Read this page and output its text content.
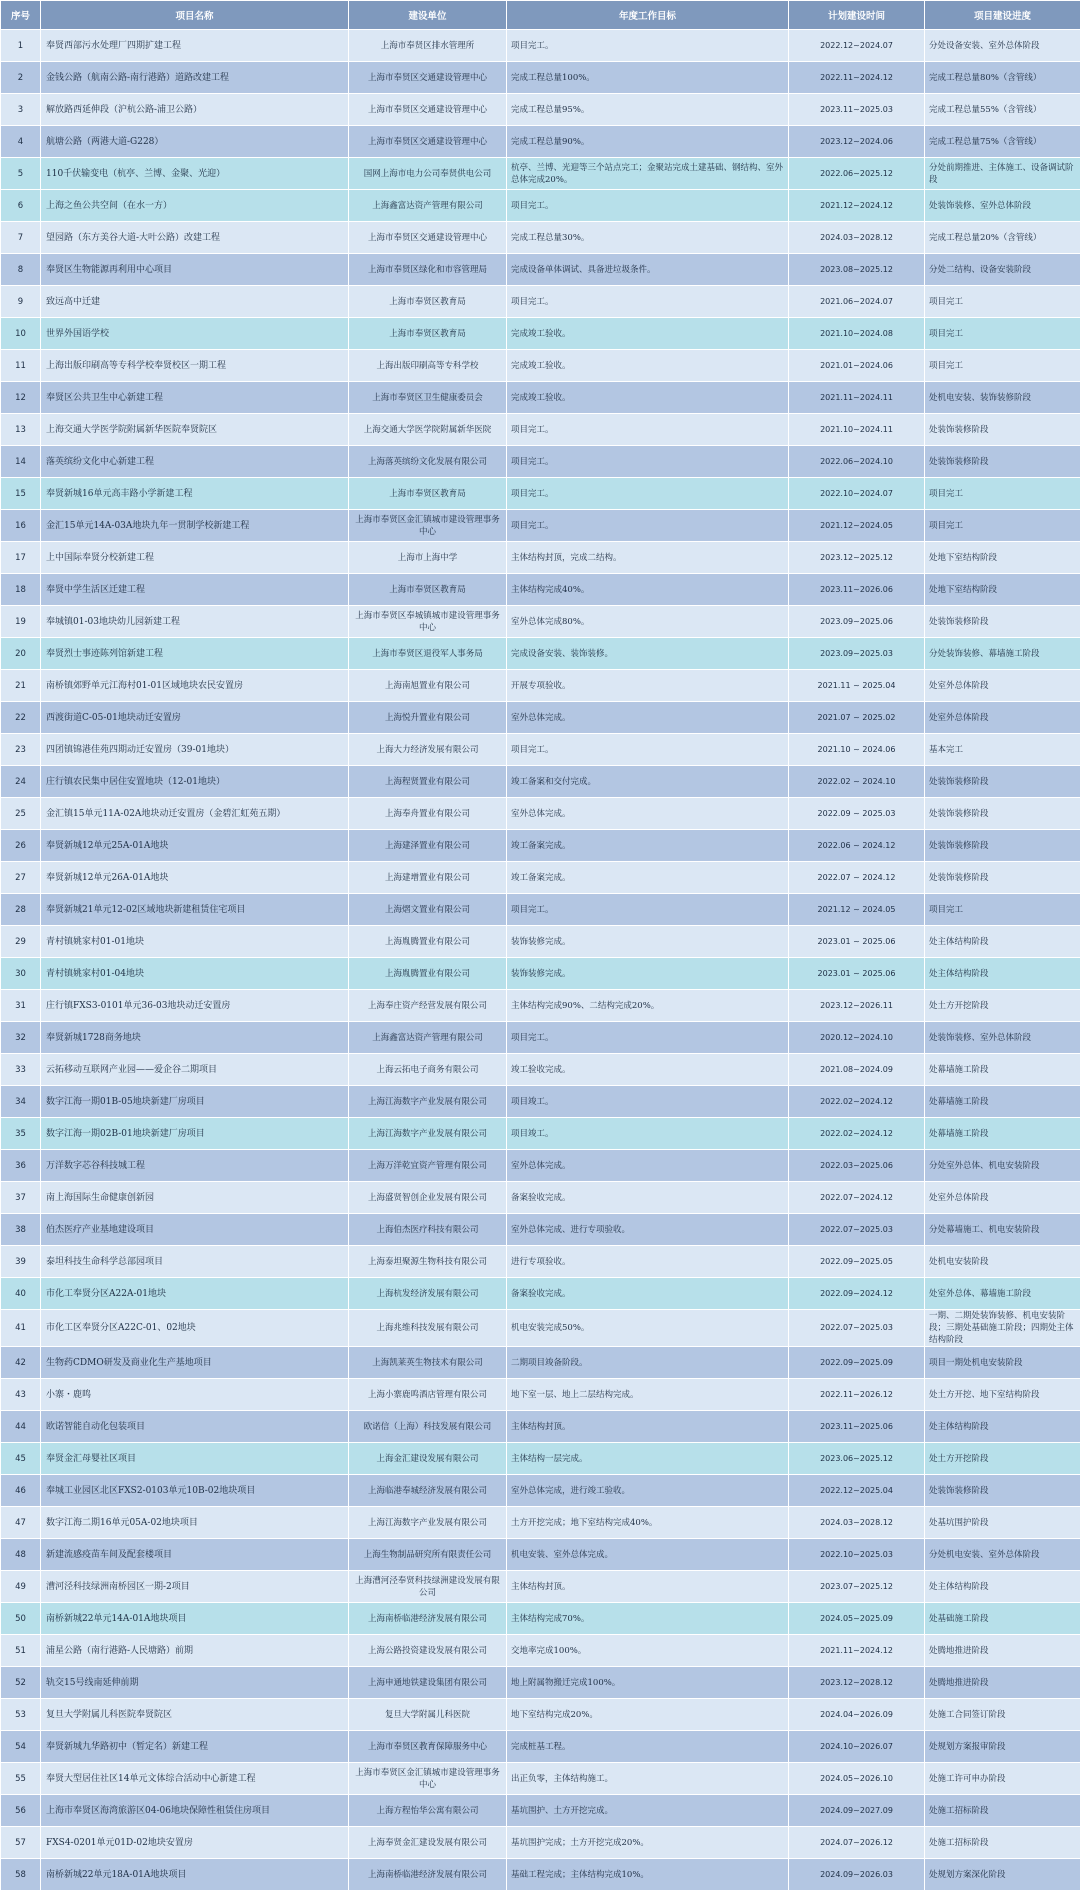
序号	项目名称	建设单位	年度工作目标	计划建设时间	项目建设进度
1	奉贤西部污水处理厂四期扩建工程	上海市奉贤区排水管理所	项目完工。	2022.12~2024.07	分处设备安装、室外总体阶段
2	金钱公路（航南公路-南行港路）道路改建工程	上海市奉贤区交通建设管理中心	完成工程总量100%。	2022.11~2024.12	完成工程总量80%（含管线）
3	解放路西延伸段（沪杭公路-浦卫公路）	上海市奉贤区交通建设管理中心	完成工程总量95%。	2023.11~2025.03	完成工程总量55%（含管线）
4	航塘公路（两港大道-G228）	上海市奉贤区交通建设管理中心	完成工程总量90%。	2023.12~2024.06	完成工程总量75%（含管线）
5	110千伏输变电（杭亭、兰博、金聚、光迎）	国网上海市电力公司奉贤供电公司	杭亭、兰博、光迎等三个站点完工；金聚站完成土建基础、钢结构、室外总体完成20%。	2022.06~2025.12	分处前期推进、主体施工、设备调试阶段
6	上海之鱼公共空间（在水一方）	上海鑫富达资产管理有限公司	项目完工。	2021.12~2024.12	处装饰装修、室外总体阶段
7	望园路（东方美谷大道-大叶公路）改建工程	上海市奉贤区交通建设管理中心	完成工程总量30%。	2024.03~2028.12	完成工程总量20%（含管线）
8	奉贤区生物能源再利用中心项目	上海市奉贤区绿化和市容管理局	完成设备单体调试、具备进垃圾条件。	2023.08~2025.12	分处二结构、设备安装阶段
9	致远高中迁建	上海市奉贤区教育局	项目完工。	2021.06~2024.07	项目完工
10	世界外国语学校	上海市奉贤区教育局	完成竣工验收。	2021.10~2024.08	项目完工
11	上海出版印刷高等专科学校奉贤校区一期工程	上海出版印刷高等专科学校	完成竣工验收。	2021.01~2024.06	项目完工
12	奉贤区公共卫生中心新建工程	上海市奉贤区卫生健康委员会	完成竣工验收。	2021.11~2024.11	处机电安装、装饰装修阶段
13	上海交通大学医学院附属新华医院奉贤院区	上海交通大学医学院附属新华医院	项目完工。	2021.10~2024.11	处装饰装修阶段
14	落英缤纷文化中心新建工程	上海落英缤纷文化发展有限公司	项目完工。	2022.06~2024.10	处装饰装修阶段
15	奉贤新城16单元高丰路小学新建工程	上海市奉贤区教育局	项目完工。	2022.10~2024.07	项目完工
16	金汇15单元14A-03A地块九年一贯制学校新建工程	上海市奉贤区金汇镇城市建设管理事务中心	项目完工。	2021.12~2024.05	项目完工
17	上中国际奉贤分校新建工程	上海市上海中学	主体结构封顶，完成二结构。	2023.12~2025.12	处地下室结构阶段
18	奉贤中学生活区迁建工程	上海市奉贤区教育局	主体结构完成40%。	2023.11~2026.06	处地下室结构阶段
19	奉城镇01-03地块幼儿园新建工程	上海市奉贤区奉城镇城市建设管理事务中心	室外总体完成80%。	2023.09~2025.06	处装饰装修阶段
20	奉贤烈士事迹陈列馆新建工程	上海市奉贤区退役军人事务局	完成设备安装、装饰装修。	2023.09~2025.03	分处装饰装修、幕墙施工阶段
21	南桥镇郊野单元江海村01-01区域地块农民安置房	上海南旭置业有限公司	开展专项验收。	2021.11 ~ 2025.04	处室外总体阶段
22	西渡街道C-05-01地块动迁安置房	上海悦升置业有限公司	室外总体完成。	2021.07 ~ 2025.02	处室外总体阶段
23	四团镇锦港佳苑四期动迁安置房（39-01地块）	上海大力经济发展有限公司	项目完工。	2021.10 ~ 2024.06	基本完工
24	庄行镇农民集中居住安置地块（12-01地块）	上海程贤置业有限公司	竣工备案和交付完成。	2022.02 ~ 2024.10	处装饰装修阶段
25	金汇镇15单元11A-02A地块动迁安置房（金碧汇虹苑五期）	上海奉舟置业有限公司	室外总体完成。	2022.09 ~ 2025.03	处装饰装修阶段
26	奉贤新城12单元25A-01A地块	上海建泽置业有限公司	竣工备案完成。	2022.06 ~ 2024.12	处装饰装修阶段
27	奉贤新城12单元26A-01A地块	上海建增置业有限公司	竣工备案完成。	2022.07 ~ 2024.12	处装饰装修阶段
28	奉贤新城21单元12-02区域地块新建租赁住宅项目	上海熠文置业有限公司	项目完工。	2021.12 ~ 2024.05	项目完工
29	青村镇姚家村01-01地块	上海胤腾置业有限公司	装饰装修完成。	2023.01 ~ 2025.06	处主体结构阶段
30	青村镇姚家村01-04地块	上海胤腾置业有限公司	装饰装修完成。	2023.01 ~ 2025.06	处主体结构阶段
31	庄行镇FXS3-0101单元36-03地块动迁安置房	上海奉庄资产经营发展有限公司	主体结构完成90%、二结构完成20%。	2023.12~2026.11	处土方开挖阶段
32	奉贤新城1728商务地块	上海鑫富达资产管理有限公司	项目完工。	2020.12~2024.10	处装饰装修、室外总体阶段
33	云拓移动互联网产业园——爱企谷二期项目	上海云拓电子商务有限公司	竣工验收完成。	2021.08~2024.09	处幕墙施工阶段
34	数字江海一期01B-05地块新建厂房项目	上海江海数字产业发展有限公司	项目竣工。	2022.02~2024.12	处幕墙施工阶段
35	数字江海一期02B-01地块新建厂房项目	上海江海数字产业发展有限公司	项目竣工。	2022.02~2024.12	处幕墙施工阶段
36	万洋数字芯谷科技城工程	上海万洋乾宜资产管理有限公司	室外总体完成。	2022.03~2025.06	分处室外总体、机电安装阶段
37	南上海国际生命健康创新园	上海盛贤智创企业发展有限公司	备案验收完成。	2022.07~2024.12	处室外总体阶段
38	伯杰医疗产业基地建设项目	上海伯杰医疗科技有限公司	室外总体完成、进行专项验收。	2022.07~2025.03	分处幕墙施工、机电安装阶段
39	泰坦科技生命科学总部园项目	上海泰坦聚源生物科技有限公司	进行专项验收。	2022.09~2025.05	处机电安装阶段
40	市化工奉贤分区A22A-01地块	上海杭发经济发展有限公司	备案验收完成。	2022.09~2024.12	处室外总体、幕墙施工阶段
41	市化工区奉贤分区A22C-01、02地块	上海兆维科技发展有限公司	机电安装完成50%。	2022.07~2025.03	一期、二期处装饰装修、机电安装阶段；三期处基础施工阶段；四期处主体结构阶段
42	生物药CDMO研发及商业化生产基地项目	上海凯莱英生物技术有限公司	二期项目竣备阶段。	2022.09~2025.09	项目一期处机电安装阶段
43	小寨・鹿鸣	上海小寨鹿鸣酒店管理有限公司	地下室一层、地上二层结构完成。	2022.11~2026.12	处土方开挖、地下室结构阶段
44	欧诺智能自动化包装项目	欧诺信（上海）科技发展有限公司	主体结构封顶。	2023.11~2025.06	处主体结构阶段
45	奉贤金汇母婴社区项目	上海金汇建设发展有限公司	主体结构一层完成。	2023.06~2025.12	处土方开挖阶段
46	奉城工业园区北区FXS2-0103单元10B-02地块项目	上海临港奉城经济发展有限公司	室外总体完成，进行竣工验收。	2022.12~2025.04	处装饰装修阶段
47	数字江海二期16单元05A-02地块项目	上海江海数字产业发展有限公司	土方开挖完成；地下室结构完成40%。	2024.03~2028.12	处基坑围护阶段
48	新建流感疫苗车间及配套楼项目	上海生物制品研究所有限责任公司	机电安装、室外总体完成。	2022.10~2025.03	分处机电安装、室外总体阶段
49	漕河泾科技绿洲南桥园区一期-2项目	上海漕河泾奉贤科技绿洲建设发展有限公司	主体结构封顶。	2023.07~2025.12	处主体结构阶段
50	南桥新城22单元14A-01A地块项目	上海南桥临港经济发展有限公司	主体结构完成70%。	2024.05~2025.09	处基础施工阶段
51	浦星公路（南行港路-人民塘路）前期	上海公路投资建设发展有限公司	交地率完成100%。	2021.11~2024.12	处腾地推进阶段
52	轨交15号线南延伸前期	上海申通地铁建设集团有限公司	地上附属物搬迁完成100%。	2023.12~2028.12	处腾地推进阶段
53	复旦大学附属儿科医院奉贤院区	复旦大学附属儿科医院	地下室结构完成20%。	2024.04~2026.09	处施工合同签订阶段
54	奉贤新城九华路初中（暂定名）新建工程	上海市奉贤区教育保障服务中心	完成桩基工程。	2024.10~2026.07	处规划方案报审阶段
55	奉贤大型居住社区14单元文体综合活动中心新建工程	上海市奉贤区金汇镇城市建设管理事务中心	出正负零，主体结构施工。	2024.05~2026.10	处施工许可申办阶段
56	上海市奉贤区海湾旅游区04-06地块保障性租赁住房项目	上海方程怡华公寓有限公司	基坑围护、土方开挖完成。	2024.09~2027.09	处施工招标阶段
57	FXS4-0201单元01D-02地块安置房	上海奉贤金汇建设发展有限公司	基坑围护完成；土方开挖完成20%。	2024.07~2026.12	处施工招标阶段
58	南桥新城22单元18A-01A地块项目	上海南桥临港经济发展有限公司	基础工程完成；主体结构完成10%。	2024.09~2026.03	处规划方案深化阶段
